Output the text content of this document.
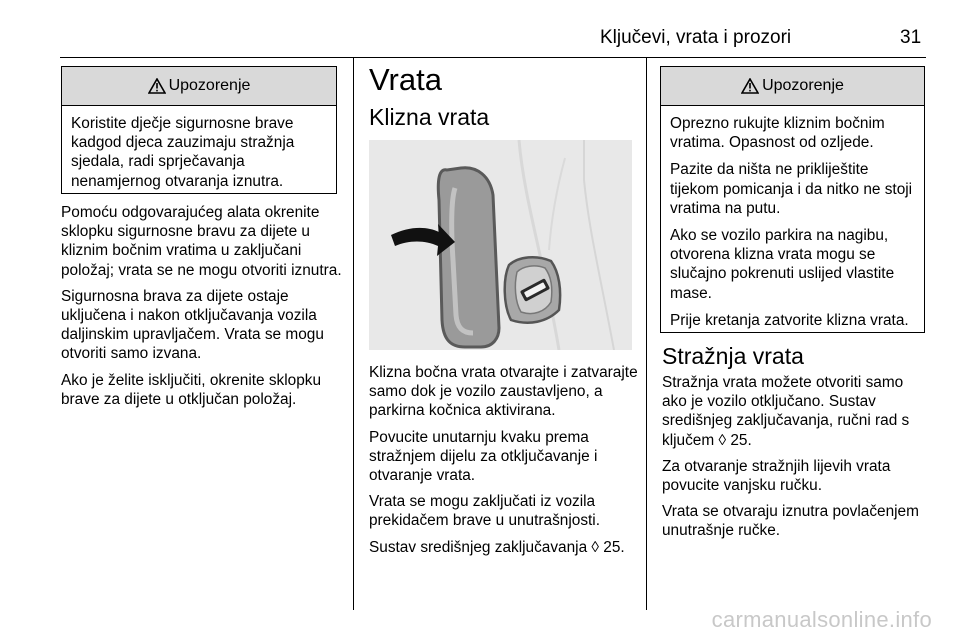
Ključevi, vrata i prozori	31
Upozorenje

Koristite dječje sigurnosne brave kadgod djeca zauzimaju stražnja sjedala, radi sprječavanja nenamjernog otvaranja iznutra.

Pomoću odgovarajućeg alata okrenite sklopku sigurnosne bravu za dijete u kliznim bočnim vratima u zaključani položaj; vrata se ne mogu otvoriti iznutra.

Sigurnosna brava za dijete ostaje uključena i nakon otključavanja vozila daljinskim upravljačem. Vrata se mogu otvoriti samo izvana.

Ako je želite isključiti, okrenite sklopku brave za dijete u otključan položaj.

Vrata
Klizna vrata

Klizna bočna vrata otvarajte i zatvarajte samo dok je vozilo zaustavljeno, a parkirna kočnica aktivirana.

Povucite unutarnju kvaku prema stražnjem dijelu za otključavanje i otvaranje vrata.

Vrata se mogu zaključati iz vozila prekidačem brave u unutrašnjosti.

Sustav središnjeg zaključavanja ◊ 25.

Upozorenje

Oprezno rukujte kliznim bočnim vratima. Opasnost od ozljede.

Pazite da ništa ne prikliještite tijekom pomicanja i da nitko ne stoji vratima na putu.

Ako se vozilo parkira na nagibu, otvorena klizna vrata mogu se slučajno pokrenuti uslijed vlastite mase.

Prije kretanja zatvorite klizna vrata.

Stražnja vrata

Stražnja vrata možete otvoriti samo ako je vozilo otključano. Sustav središnjeg zaključavanja, ručni rad s ključem ◊ 25.

Za otvaranje stražnjih lijevih vrata povucite vanjsku ručku.

Vrata se otvaraju iznutra povlačenjem unutrašnje ručke.

carmanualsonline.info
